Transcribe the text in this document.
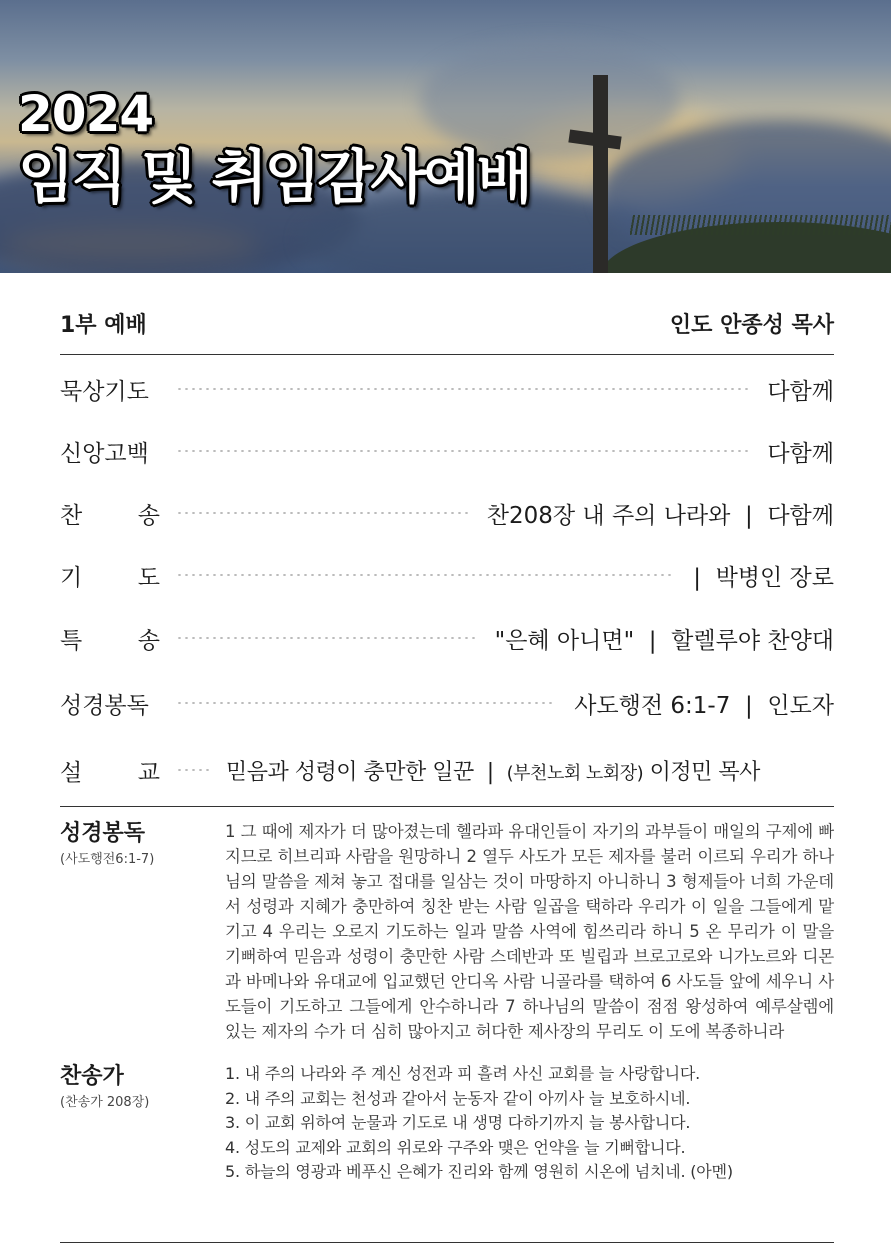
2024
임직 및 취임감사예배
1부 예배	인도 안종성 목사
묵상기도	다함께
신앙고백	다함께
찬 송	찬208장 내 주의 나라와  |  다함께
기 도	|  박병인 장로
특 송	"은혜 아니면"  |  할렐루야 찬양대
성경봉독	사도행전 6:1-7  |  인도자
설 교	믿음과 성령이 충만한 일꾼  |  (부천노회 노회장) 이정민 목사
성경봉독
(사도행전6:1-7)
1 그 때에 제자가 더 많아졌는데 헬라파 유대인들이 자기의 과부들이 매일의 구제에 빠지므로 히브리파 사람을 원망하니 2 열두 사도가 모든 제자를 불러 이르되 우리가 하나님의 말씀을 제쳐 놓고 접대를 일삼는 것이 마땅하지 아니하니 3 형제들아 너희 가운데서 성령과 지혜가 충만하여 칭찬 받는 사람 일곱을 택하라 우리가 이 일을 그들에게 맡기고 4 우리는 오로지 기도하는 일과 말씀 사역에 힘쓰리라 하니 5 온 무리가 이 말을 기뻐하여 믿음과 성령이 충만한 사람 스데반과 또 빌립과 브로고로와 니가노르와 디몬과 바메나와 유대교에 입교했던 안디옥 사람 니골라를 택하여 6 사도들 앞에 세우니 사도들이 기도하고 그들에게 안수하니라 7 하나님의 말씀이 점점 왕성하여 예루살렘에 있는 제자의 수가 더 심히 많아지고 허다한 제사장의 무리도 이 도에 복종하니라
찬송가
(찬송가 208장)
1. 내 주의 나라와 주 계신 성전과 피 흘려 사신 교회를 늘 사랑합니다.
2. 내 주의 교회는 천성과 같아서 눈동자 같이 아끼사 늘 보호하시네.
3. 이 교회 위하여 눈물과 기도로 내 생명 다하기까지 늘 봉사합니다.
4. 성도의 교제와 교회의 위로와 구주와 맺은 언약을 늘 기뻐합니다.
5. 하늘의 영광과 베푸신 은혜가 진리와 함께 영원히 시온에 넘치네. (아멘)
